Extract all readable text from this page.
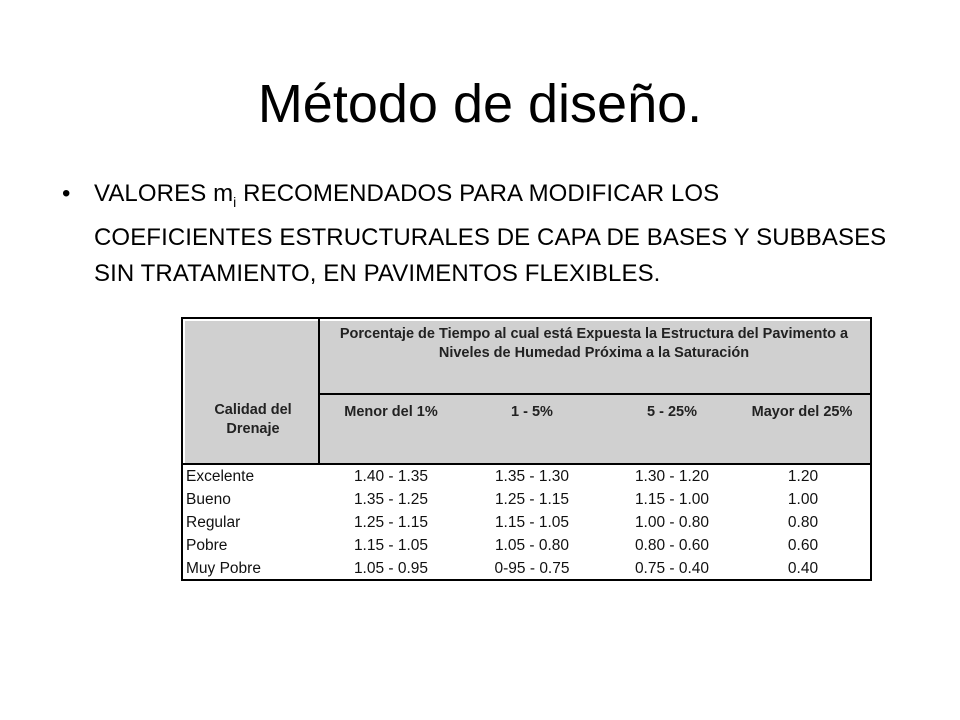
Método de diseño.
• VALORES $m_i$ RECOMENDADOS PARA MODIFICAR LOS COEFICIENTES ESTRUCTURALES DE CAPA DE BASES Y SUBBASES SIN TRATAMIENTO, EN PAVIMENTOS FLEXIBLES.
Porcentaje de Tiempo al cual está Expuesta la Estructura del Pavimento a Niveles de Humedad Próxima a la Saturación
Calidad del Drenaje
Menor del 1%	1 - 5%	5 - 25%	Mayor del 25%
Excelente	1.40 - 1.35	1.35 - 1.30	1.30 - 1.20	1.20
Bueno	1.35 - 1.25	1.25 - 1.15	1.15 - 1.00	1.00
Regular	1.25 - 1.15	1.15 - 1.05	1.00 - 0.80	0.80
Pobre	1.15 - 1.05	1.05 - 0.80	0.80 - 0.60	0.60
Muy Pobre	1.05 - 0.95	0-95 - 0.75	0.75 - 0.40	0.40
